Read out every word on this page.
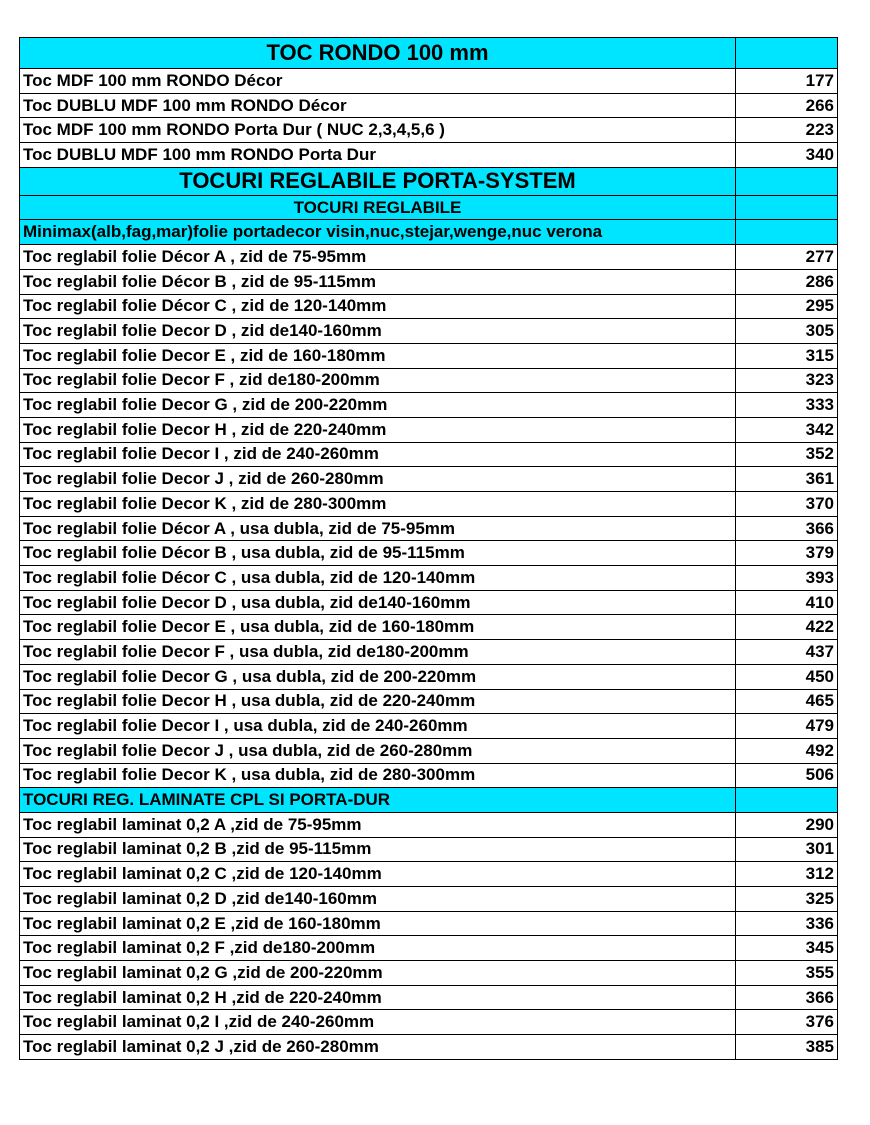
TOC RONDO 100 mm	
Toc MDF 100 mm RONDO Décor	177
Toc DUBLU MDF 100 mm RONDO Décor	266
Toc MDF 100 mm RONDO Porta Dur ( NUC 2,3,4,5,6 )	223
Toc DUBLU MDF 100 mm RONDO Porta Dur	340
TOCURI REGLABILE PORTA-SYSTEM	
TOCURI REGLABILE	
Minimax(alb,fag,mar)folie portadecor visin,nuc,stejar,wenge,nuc verona	
Toc reglabil folie Décor A , zid de 75-95mm	277
Toc reglabil folie Décor B , zid de 95-115mm	286
Toc reglabil folie Décor C , zid de 120-140mm	295
Toc reglabil folie Decor D , zid de140-160mm	305
Toc reglabil folie Decor E , zid de 160-180mm	315
Toc reglabil folie Decor F , zid de180-200mm	323
Toc reglabil folie Decor G , zid de 200-220mm	333
Toc reglabil folie Decor H , zid de 220-240mm	342
Toc reglabil folie Decor I , zid de 240-260mm	352
Toc reglabil folie Decor J , zid de 260-280mm	361
Toc reglabil folie Decor K , zid de 280-300mm	370
Toc reglabil folie Décor A , usa dubla, zid de 75-95mm	366
Toc reglabil folie Décor B , usa dubla, zid de 95-115mm	379
Toc reglabil folie Décor C , usa dubla, zid de 120-140mm	393
Toc reglabil folie Decor D , usa dubla, zid de140-160mm	410
Toc reglabil folie Decor E , usa dubla, zid de 160-180mm	422
Toc reglabil folie Decor F , usa dubla, zid de180-200mm	437
Toc reglabil folie Decor G , usa dubla, zid de 200-220mm	450
Toc reglabil folie Decor H , usa dubla, zid de 220-240mm	465
Toc reglabil folie Decor I , usa dubla, zid de 240-260mm	479
Toc reglabil folie Decor J , usa dubla, zid de 260-280mm	492
Toc reglabil folie Decor K , usa dubla, zid de 280-300mm	506
TOCURI REG. LAMINATE CPL SI PORTA-DUR	
Toc reglabil laminat 0,2 A ,zid de 75-95mm	290
Toc reglabil laminat 0,2 B ,zid de 95-115mm	301
Toc reglabil laminat 0,2 C ,zid de 120-140mm	312
Toc reglabil laminat 0,2 D ,zid de140-160mm	325
Toc reglabil laminat 0,2 E ,zid de 160-180mm	336
Toc reglabil laminat 0,2 F ,zid de180-200mm	345
Toc reglabil laminat 0,2 G ,zid de 200-220mm	355
Toc reglabil laminat 0,2 H ,zid de 220-240mm	366
Toc reglabil laminat 0,2 I ,zid de 240-260mm	376
Toc reglabil laminat 0,2 J ,zid de 260-280mm	385
